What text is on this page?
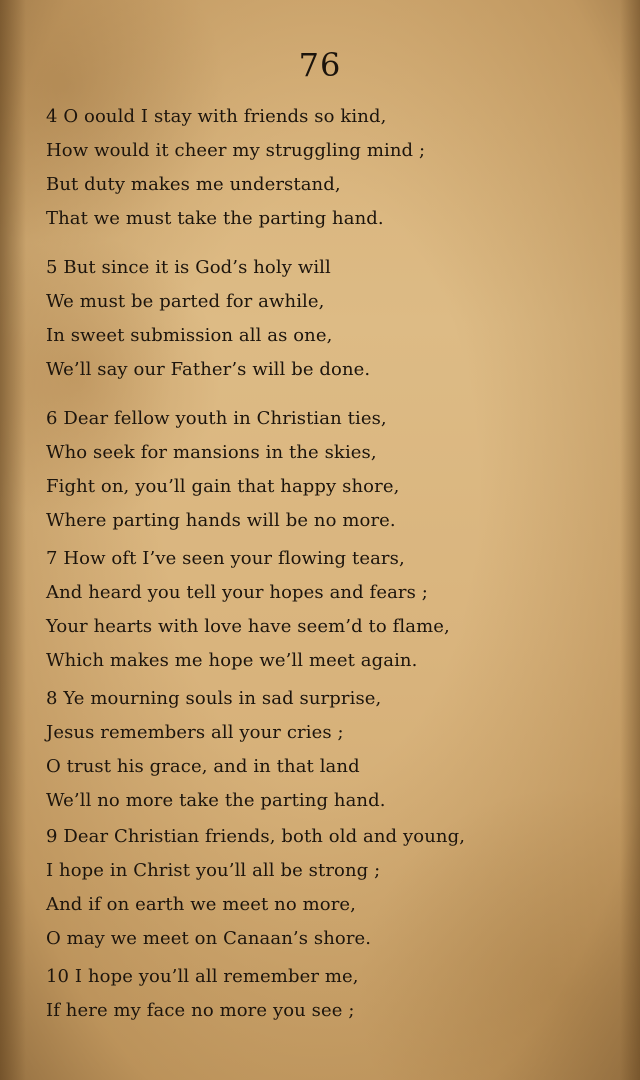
76
4 O oould I stay with friends so kind,
How would it cheer my struggling mind ;
But duty makes me understand,
That we must take the parting hand.
5 But since it is God’s holy will
We must be parted for awhile,
In sweet submission all as one,
We’ll say our Father’s will be done.
6 Dear fellow youth in Christian ties,
Who seek for mansions in the skies,
Fight on, you’ll gain that happy shore,
Where parting hands will be no more.
7 How oft I’ve seen your flowing tears,
And heard you tell your hopes and fears ;
Your hearts with love have seem’d to flame,
Which makes me hope we’ll meet again.
8 Ye mourning souls in sad surprise,
Jesus remembers all your cries ;
O trust his grace, and in that land
We’ll no more take the parting hand.
9 Dear Christian friends, both old and young,
I hope in Christ you’ll all be strong ;
And if on earth we meet no more,
O may we meet on Canaan’s shore.
10 I hope you’ll all remember me,
If here my face no more you see ;
